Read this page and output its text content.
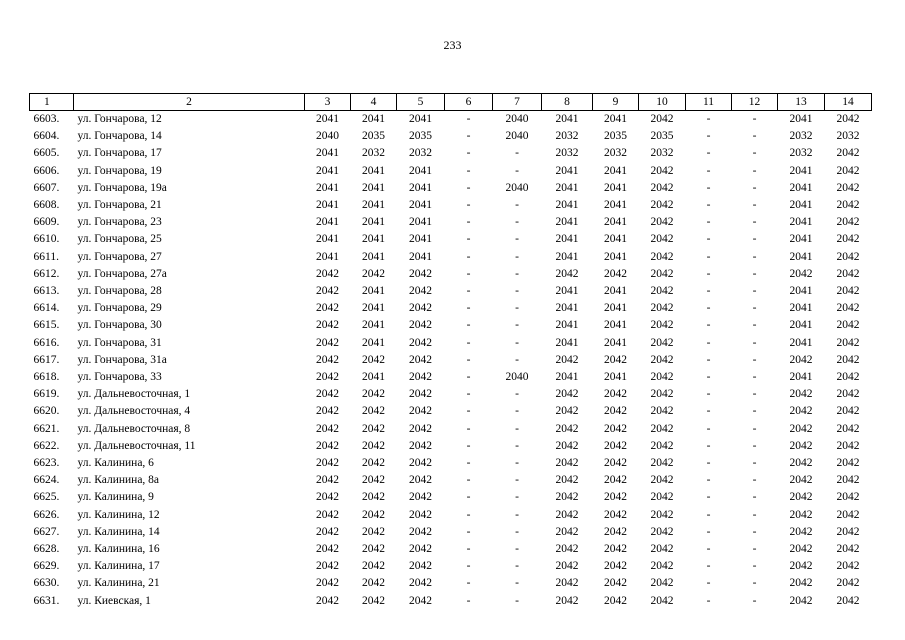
233
1	2	3	4	5	6	7	8	9	10	11	12	13	14
6603.	ул. Гончарова, 12	2041	2041	2041	-	2040	2041	2041	2042	-	-	2041	2042
6604.	ул. Гончарова, 14	2040	2035	2035	-	2040	2032	2035	2035	-	-	2032	2032
6605.	ул. Гончарова, 17	2041	2032	2032	-	-	2032	2032	2032	-	-	2032	2042
6606.	ул. Гончарова, 19	2041	2041	2041	-	-	2041	2041	2042	-	-	2041	2042
6607.	ул. Гончарова, 19а	2041	2041	2041	-	2040	2041	2041	2042	-	-	2041	2042
6608.	ул. Гончарова, 21	2041	2041	2041	-	-	2041	2041	2042	-	-	2041	2042
6609.	ул. Гончарова, 23	2041	2041	2041	-	-	2041	2041	2042	-	-	2041	2042
6610.	ул. Гончарова, 25	2041	2041	2041	-	-	2041	2041	2042	-	-	2041	2042
6611.	ул. Гончарова, 27	2041	2041	2041	-	-	2041	2041	2042	-	-	2041	2042
6612.	ул. Гончарова, 27а	2042	2042	2042	-	-	2042	2042	2042	-	-	2042	2042
6613.	ул. Гончарова, 28	2042	2041	2042	-	-	2041	2041	2042	-	-	2041	2042
6614.	ул. Гончарова, 29	2042	2041	2042	-	-	2041	2041	2042	-	-	2041	2042
6615.	ул. Гончарова, 30	2042	2041	2042	-	-	2041	2041	2042	-	-	2041	2042
6616.	ул. Гончарова, 31	2042	2041	2042	-	-	2041	2041	2042	-	-	2041	2042
6617.	ул. Гончарова, 31а	2042	2042	2042	-	-	2042	2042	2042	-	-	2042	2042
6618.	ул. Гончарова, 33	2042	2041	2042	-	2040	2041	2041	2042	-	-	2041	2042
6619.	ул. Дальневосточная, 1	2042	2042	2042	-	-	2042	2042	2042	-	-	2042	2042
6620.	ул. Дальневосточная, 4	2042	2042	2042	-	-	2042	2042	2042	-	-	2042	2042
6621.	ул. Дальневосточная, 8	2042	2042	2042	-	-	2042	2042	2042	-	-	2042	2042
6622.	ул. Дальневосточная, 11	2042	2042	2042	-	-	2042	2042	2042	-	-	2042	2042
6623.	ул. Калинина, 6	2042	2042	2042	-	-	2042	2042	2042	-	-	2042	2042
6624.	ул. Калинина, 8а	2042	2042	2042	-	-	2042	2042	2042	-	-	2042	2042
6625.	ул. Калинина, 9	2042	2042	2042	-	-	2042	2042	2042	-	-	2042	2042
6626.	ул. Калинина, 12	2042	2042	2042	-	-	2042	2042	2042	-	-	2042	2042
6627.	ул. Калинина, 14	2042	2042	2042	-	-	2042	2042	2042	-	-	2042	2042
6628.	ул. Калинина, 16	2042	2042	2042	-	-	2042	2042	2042	-	-	2042	2042
6629.	ул. Калинина, 17	2042	2042	2042	-	-	2042	2042	2042	-	-	2042	2042
6630.	ул. Калинина, 21	2042	2042	2042	-	-	2042	2042	2042	-	-	2042	2042
6631.	ул. Киевская, 1	2042	2042	2042	-	-	2042	2042	2042	-	-	2042	2042
